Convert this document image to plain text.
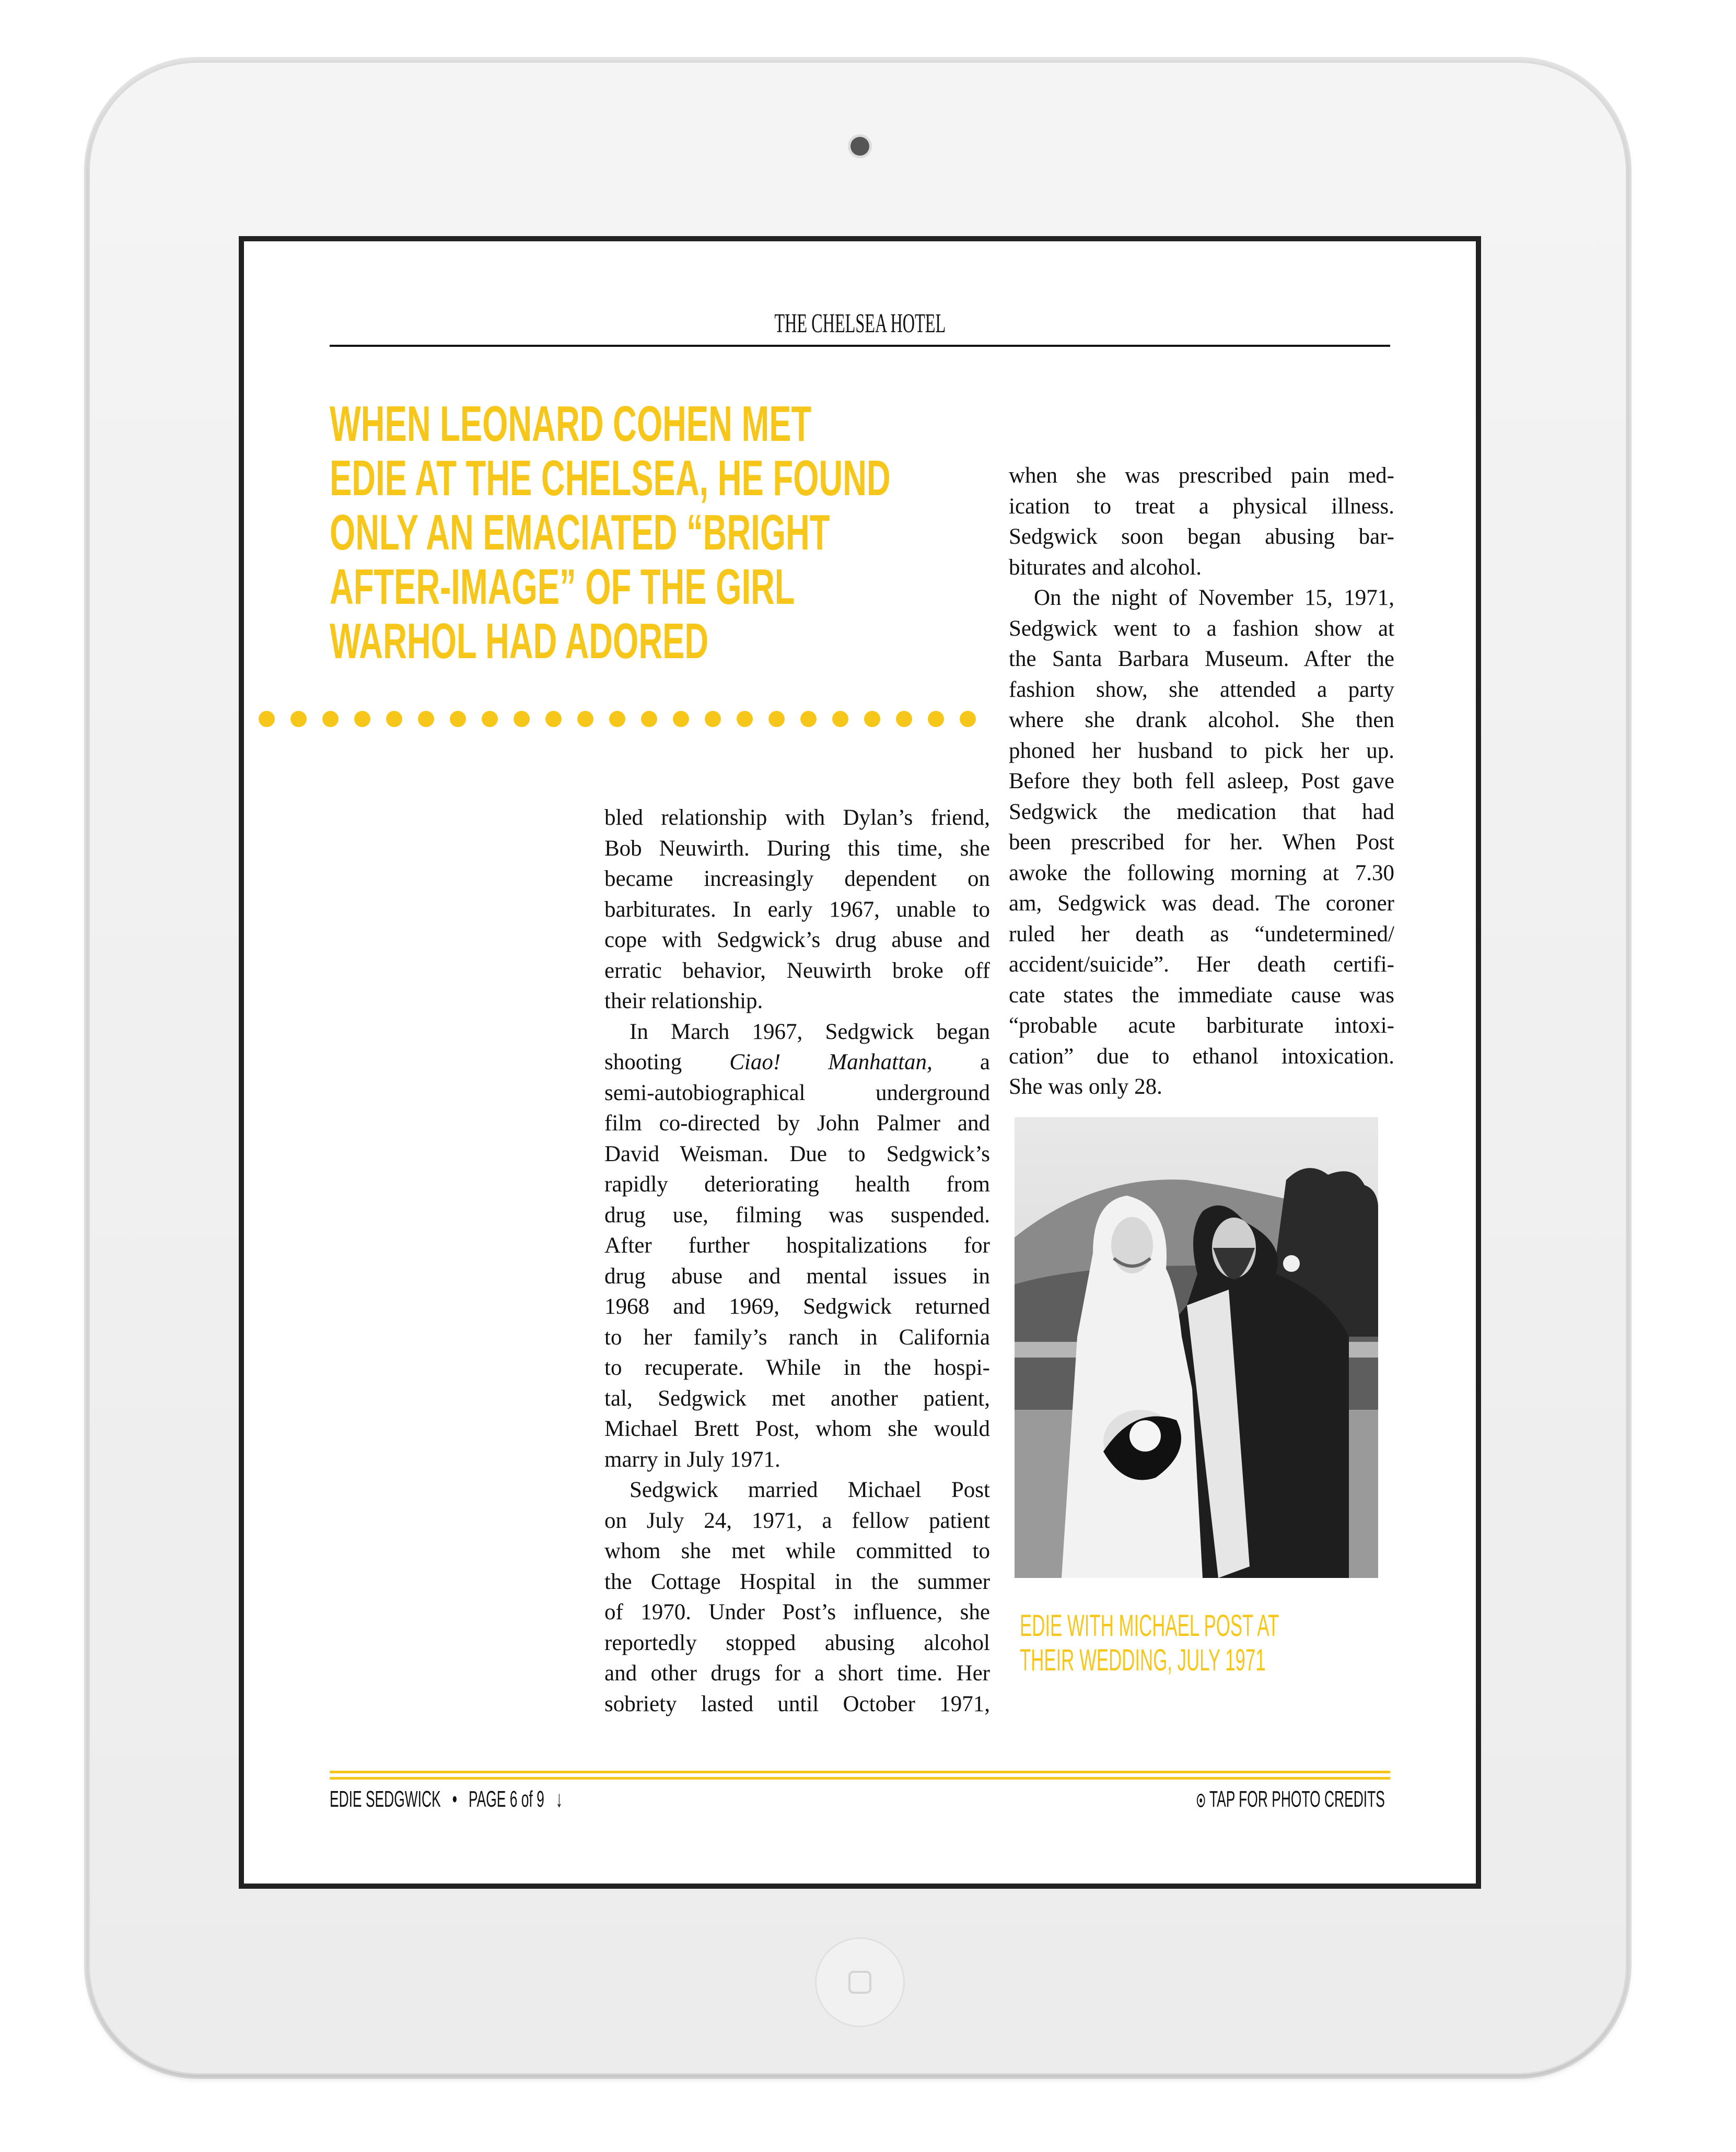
THE CHELSEA HOTEL
WHEN LEONARD COHEN MET
EDIE AT THE CHELSEA, HE FOUND
ONLY AN EMACIATED “BRIGHT
AFTER-IMAGE” OF THE GIRL
WARHOL HAD ADORED
bled relationship with Dylan’s friend,
Bob Neuwirth. During this time, she
became increasingly dependent on
barbiturates. In early 1967, unable to
cope with Sedgwick’s drug abuse and
erratic behavior, Neuwirth broke off
their relationship.
In March 1967, Sedgwick began
shooting Ciao! Manhattan, a
semi-autobiographical underground
film co-directed by John Palmer and
David Weisman. Due to Sedgwick’s
rapidly deteriorating health from
drug use, filming was suspended.
After further hospitalizations for
drug abuse and mental issues in
1968 and 1969, Sedgwick returned
to her family’s ranch in California
to recuperate. While in the hospi-
tal, Sedgwick met another patient,
Michael Brett Post, whom she would
marry in July 1971.
Sedgwick married Michael Post
on July 24, 1971, a fellow patient
whom she met while committed to
the Cottage Hospital in the summer
of 1970. Under Post’s influence, she
reportedly stopped abusing alcohol
and other drugs for a short time. Her
sobriety lasted until October 1971,
when she was prescribed pain med-
ication to treat a physical illness.
Sedgwick soon began abusing bar-
biturates and alcohol.
On the night of November 15, 1971,
Sedgwick went to a fashion show at
the Santa Barbara Museum. After the
fashion show, she attended a party
where she drank alcohol. She then
phoned her husband to pick her up.
Before they both fell asleep, Post gave
Sedgwick the medication that had
been prescribed for her. When Post
awoke the following morning at 7.30
am, Sedgwick was dead. The coroner
ruled her death as “undetermined/
accident/suicide”. Her death certifi-
cate states the immediate cause was
“probable acute barbiturate intoxi-
cation” due to ethanol intoxication.
She was only 28.
EDIE WITH MICHAEL POST AT
THEIR WEDDING, JULY 1971
EDIE SEDGWICK • PAGE 6 of 9 ↓	TAP FOR PHOTO CREDITS
